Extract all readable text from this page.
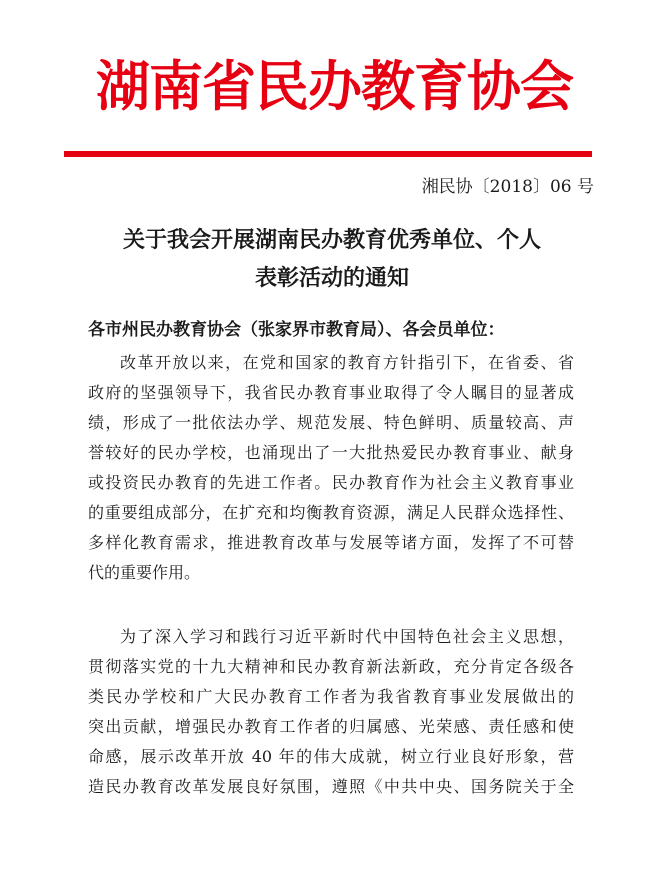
湖南省民办教育协会
湘民协〔2018〕06 号
关于我会开展湖南民办教育优秀单位、个人
表彰活动的通知
各市州民办教育协会（张家界市教育局）、各会员单位：
改革开放以来，在党和国家的教育方针指引下，在省委、省
政府的坚强领导下，我省民办教育事业取得了令人瞩目的显著成
绩，形成了一批依法办学、规范发展、特色鲜明、质量较高、声
誉较好的民办学校，也涌现出了一大批热爱民办教育事业、献身
或投资民办教育的先进工作者。民办教育作为社会主义教育事业
的重要组成部分，在扩充和均衡教育资源，满足人民群众选择性、
多样化教育需求，推进教育改革与发展等诸方面，发挥了不可替
代的重要作用。
为了深入学习和践行习近平新时代中国特色社会主义思想，
贯彻落实党的十九大精神和民办教育新法新政，充分肯定各级各
类民办学校和广大民办教育工作者为我省教育事业发展做出的
突出贡献，增强民办教育工作者的归属感、光荣感、责任感和使
命感，展示改革开放 40 年的伟大成就，树立行业良好形象，营
造民办教育改革发展良好氛围，遵照《中共中央、国务院关于全
